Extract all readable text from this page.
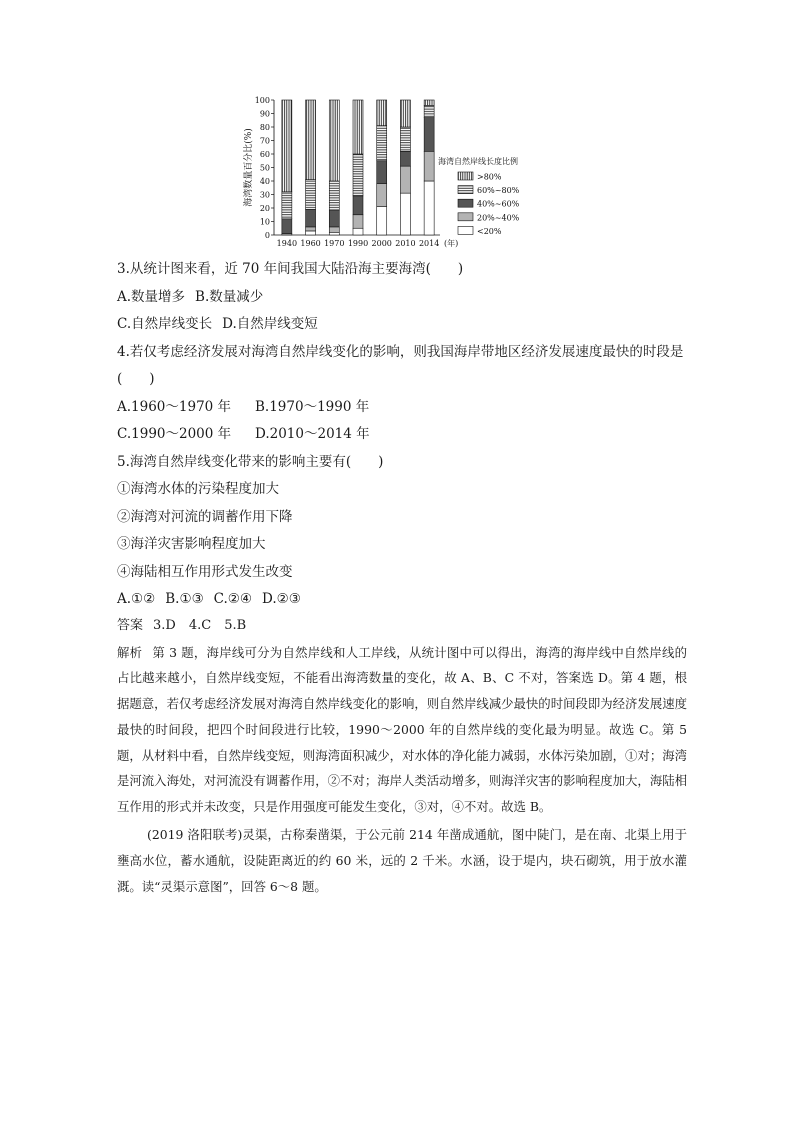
0
10
20
30
40
50
60
70
80
90
100
海湾数量百分比(%)
1940 1960 1970 1990 2000 2010 2014 (年)
海湾自然岸线长度比例
>80%
60%~80%
40%~60%
20%~40%
<20%
3.从统计图来看，近 70 年间我国大陆沿海主要海湾(　　)
A.数量增多 B.数量减少
C.自然岸线变长 D.自然岸线变短
4.若仅考虑经济发展对海湾自然岸线变化的影响，则我国海岸带地区经济发展速度最快的时段是(　　)
A.1960～1970 年 B.1970～1990 年
C.1990～2000 年 D.2010～2014 年
5.海湾自然岸线变化带来的影响主要有(　　)
①海湾水体的污染程度加大
②海湾对河流的调蓄作用下降
③海洋灾害影响程度加大
④海陆相互作用形式发生改变
A.①② B.①③ C.②④ D.②③
答案 3.D　4.C　5.B
解析 第 3 题，海岸线可分为自然岸线和人工岸线，从统计图中可以得出，海湾的海岸线中自然岸线的占比越来越小，自然岸线变短，不能看出海湾数量的变化，故 A、B、C 不对，答案选 D。第 4 题，根据题意，若仅考虑经济发展对海湾自然岸线变化的影响，则自然岸线减少最快的时间段即为经济发展速度最快的时间段，把四个时间段进行比较，1990～2000 年的自然岸线的变化最为明显。故选 C。第 5 题，从材料中看，自然岸线变短，则海湾面积减少，对水体的净化能力减弱，水体污染加剧，①对；海湾是河流入海处，对河流没有调蓄作用，②不对；海岸人类活动增多，则海洋灾害的影响程度加大，海陆相互作用的形式并未改变，只是作用强度可能发生变化，③对，④不对。故选 B。
(2019 洛阳联考)灵渠，古称秦凿渠，于公元前 214 年凿成通航，图中陡门，是在南、北渠上用于壅高水位，蓄水通航，设陡距离近的约 60 米，远的 2 千米。水涵，设于堤内，块石砌筑，用于放水灌溉。读“灵渠示意图”，回答 6～8 题。
